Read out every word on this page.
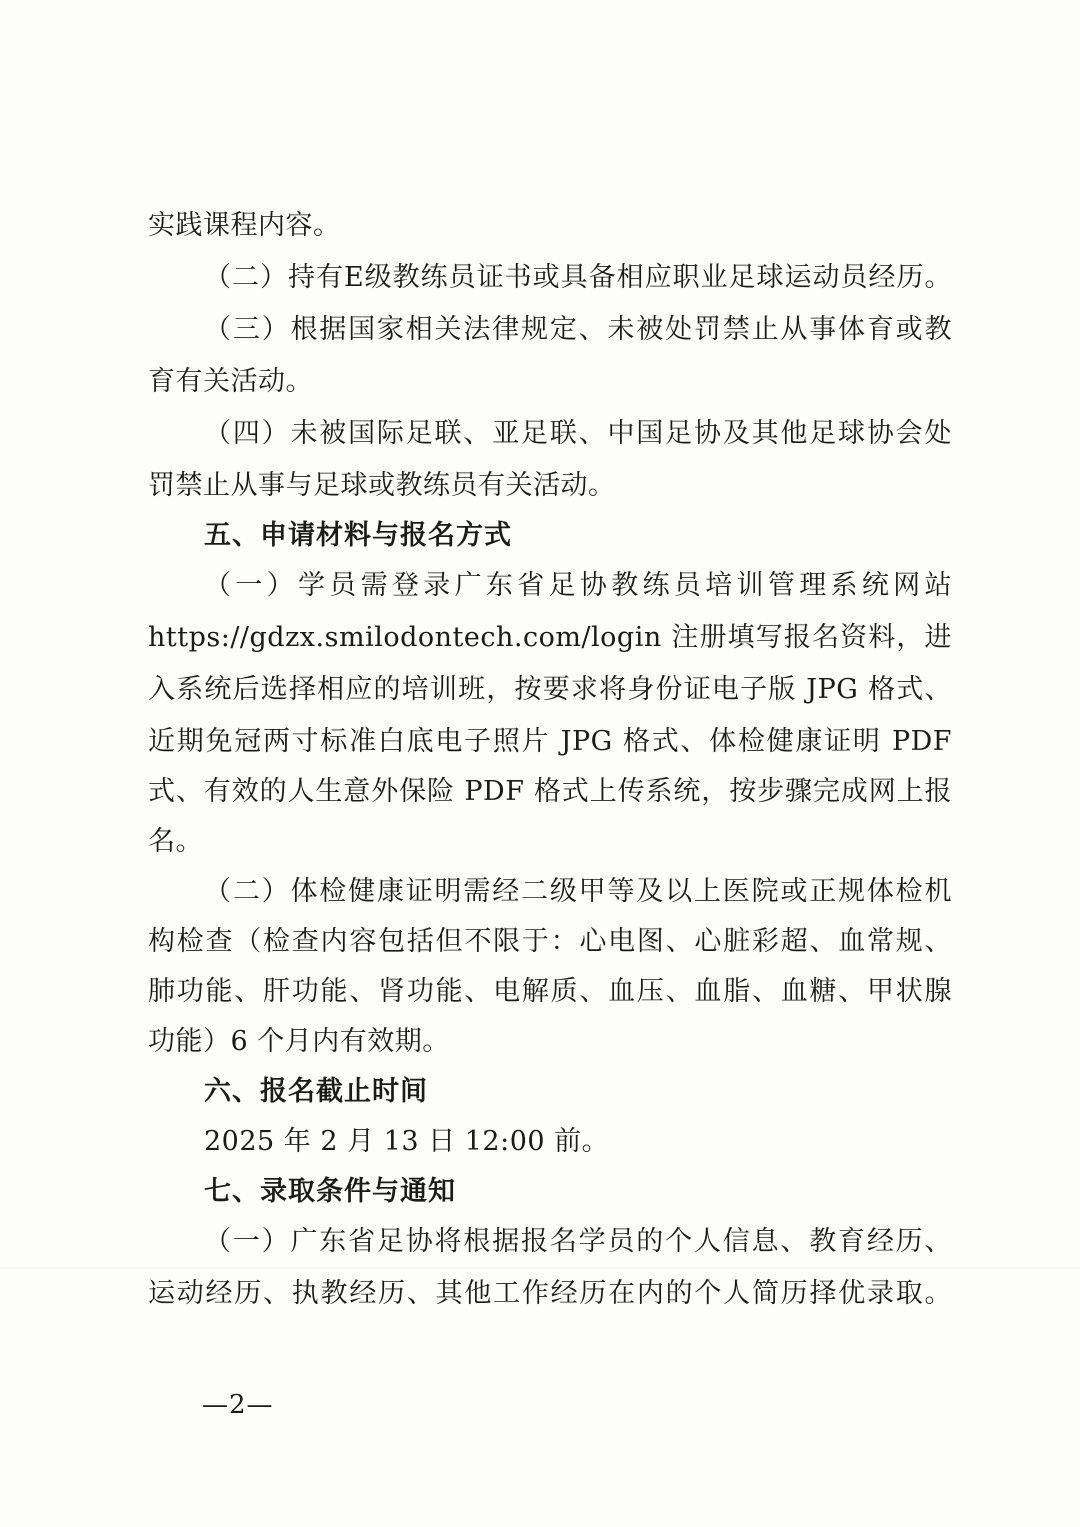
实践课程内容。
（二）持有E级教练员证书或具备相应职业足球运动员经历。
（三）根据国家相关法律规定、未被处罚禁止从事体育或教
育有关活动。
（四）未被国际足联、亚足联、中国足协及其他足球协会处
罚禁止从事与足球或教练员有关活动。
五、申请材料与报名方式
（一）学员需登录广东省足协教练员培训管理系统网站
https://gdzx.smilodontech.com/login 注册填写报名资料，进
入系统后选择相应的培训班，按要求将身份证电子版 JPG 格式、
近期免冠两寸标准白底电子照片 JPG 格式、体检健康证明 PDF
式、有效的人生意外保险 PDF 格式上传系统，按步骤完成网上报
名。
（二）体检健康证明需经二级甲等及以上医院或正规体检机
构检查（检查内容包括但不限于：心电图、心脏彩超、血常规、
肺功能、肝功能、肾功能、电解质、血压、血脂、血糖、甲状腺
功能）6 个月内有效期。
六、报名截止时间
2025 年 2 月 13 日 12:00 前。
七、录取条件与通知
（一）广东省足协将根据报名学员的个人信息、教育经历、
运动经历、执教经历、其他工作经历在内的个人简历择优录取。
—2—
